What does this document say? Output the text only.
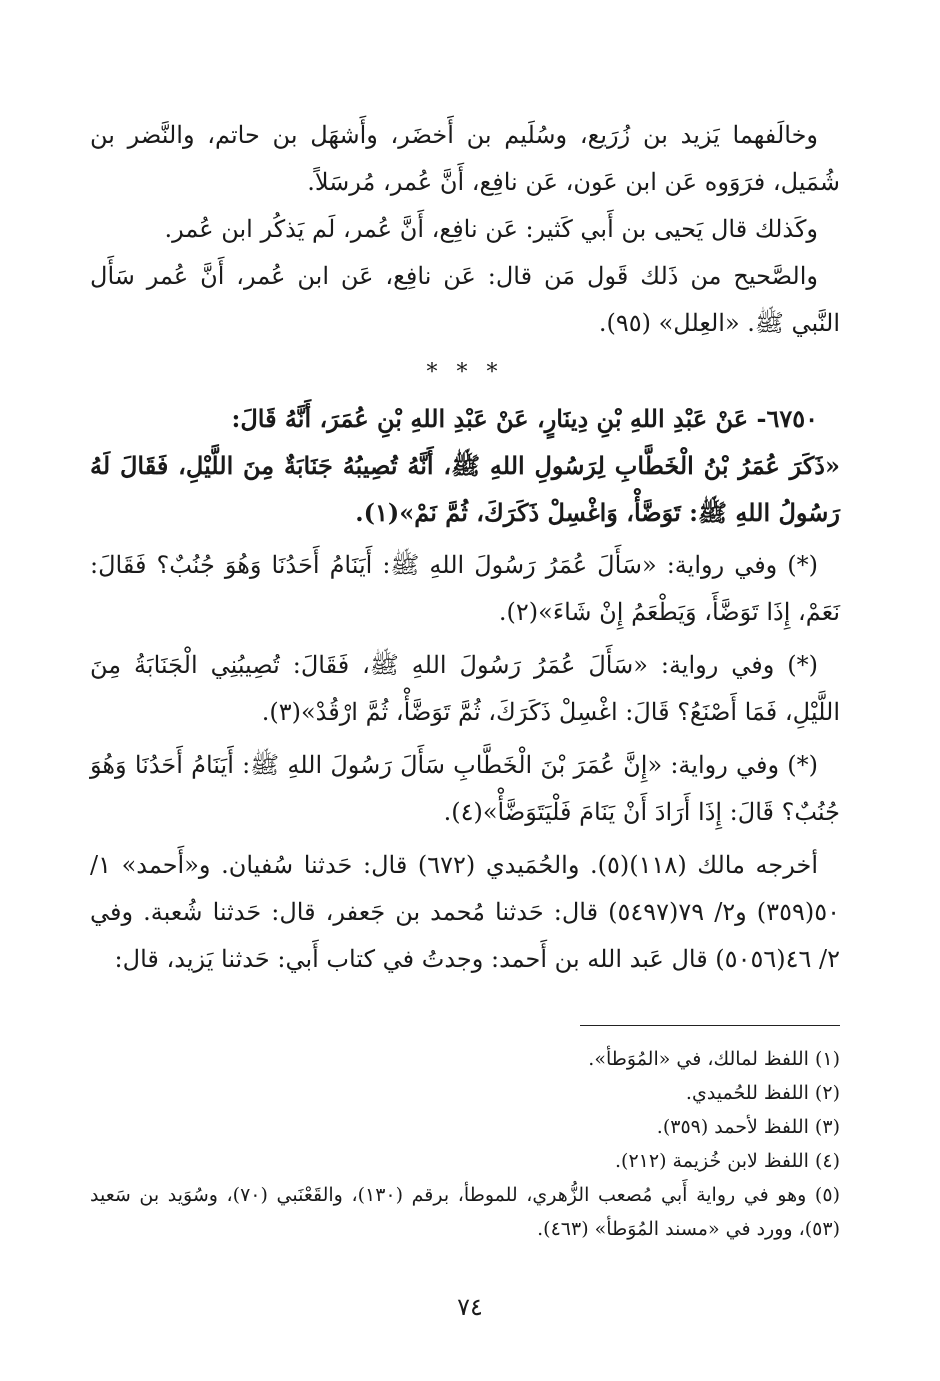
وخالَفهما يَزيد بن زُرَيع، وسُلَيم بن أَخضَر، وأَشهَل بن حاتم، والنَّضر بن شُمَيل، فرَوَوه عَن ابن عَون، عَن نافِع، أَنَّ عُمر، مُرسَلاً.

وكَذلك قال يَحيى بن أَبي كَثير: عَن نافِع، أَنَّ عُمر، لَم يَذكُر ابن عُمر.

والصَّحيح من ذَلك قَول مَن قال: عَن نافِع، عَن ابن عُمر، أَنَّ عُمر سَأَل النَّبي ﷺ. «العِلل» (٩٥).

* * *

٦٧٥٠- عَنْ عَبْدِ اللهِ بْنِ دِينَارٍ، عَنْ عَبْدِ اللهِ بْنِ عُمَرَ، أَنَّهُ قَالَ:

«ذَكَرَ عُمَرُ بْنُ الْخَطَّابِ لِرَسُولِ اللهِ ﷺ، أَنَّهُ تُصِيبُهُ جَنَابَةٌ مِنَ اللَّيْلِ، فَقَالَ لَهُ رَسُولُ اللهِ ﷺ: تَوَضَّأْ، وَاغْسِلْ ذَكَرَكَ، ثُمَّ نَمْ»(١).

(*) وفي رواية: «سَأَلَ عُمَرُ رَسُولَ اللهِ ﷺ: أَيَنَامُ أَحَدُنَا وَهُوَ جُنُبٌ؟ فَقَالَ: نَعَمْ، إِذَا تَوَضَّأَ، وَيَطْعَمُ إِنْ شَاءَ»(٢).

(*) وفي رواية: «سَأَلَ عُمَرُ رَسُولَ اللهِ ﷺ، فَقَالَ: تُصِيبُنِي الْجَنَابَةُ مِنَ اللَّيْلِ، فَمَا أَصْنَعُ؟ قَالَ: اغْسِلْ ذَكَرَكَ، ثُمَّ تَوَضَّأْ، ثُمَّ ارْقُدْ»(٣).

(*) وفي رواية: «إِنَّ عُمَرَ بْنَ الْخَطَّابِ سَأَلَ رَسُولَ اللهِ ﷺ: أَيَنَامُ أَحَدُنَا وَهُوَ جُنُبٌ؟ قَالَ: إِذَا أَرَادَ أَنْ يَنَامَ فَلْيَتَوَضَّأْ»(٤).

أخرجه مالك (١١٨)(٥). والحُمَيدي (٦٧٢) قال: حَدثنا سُفيان. و«أَحمد» ١/ ٥٠(٣٥٩) و٢/ ٧٩(٥٤٩٧) قال: حَدثنا مُحمد بن جَعفر، قال: حَدثنا شُعبة. وفي ٢/ ٤٦(٥٠٥٦) قال عَبد الله بن أَحمد: وجدتُ في كتاب أَبي: حَدثنا يَزيد، قال:

(١) اللفظ لمالك، في «المُوَطأ».

(٢) اللفظ للحُميدي.

(٣) اللفظ لأحمد (٣٥٩).

(٤) اللفظ لابن خُزيمة (٢١٢).

(٥) وهو في رواية أَبي مُصعب الزُّهري، للموطأ، برقم (١٣٠)، والقَعْنَبي (٧٠)، وسُوَيد بن سَعيد (٥٣)، وورد في «مسند المُوَطأ» (٤٦٣).

٧٤
